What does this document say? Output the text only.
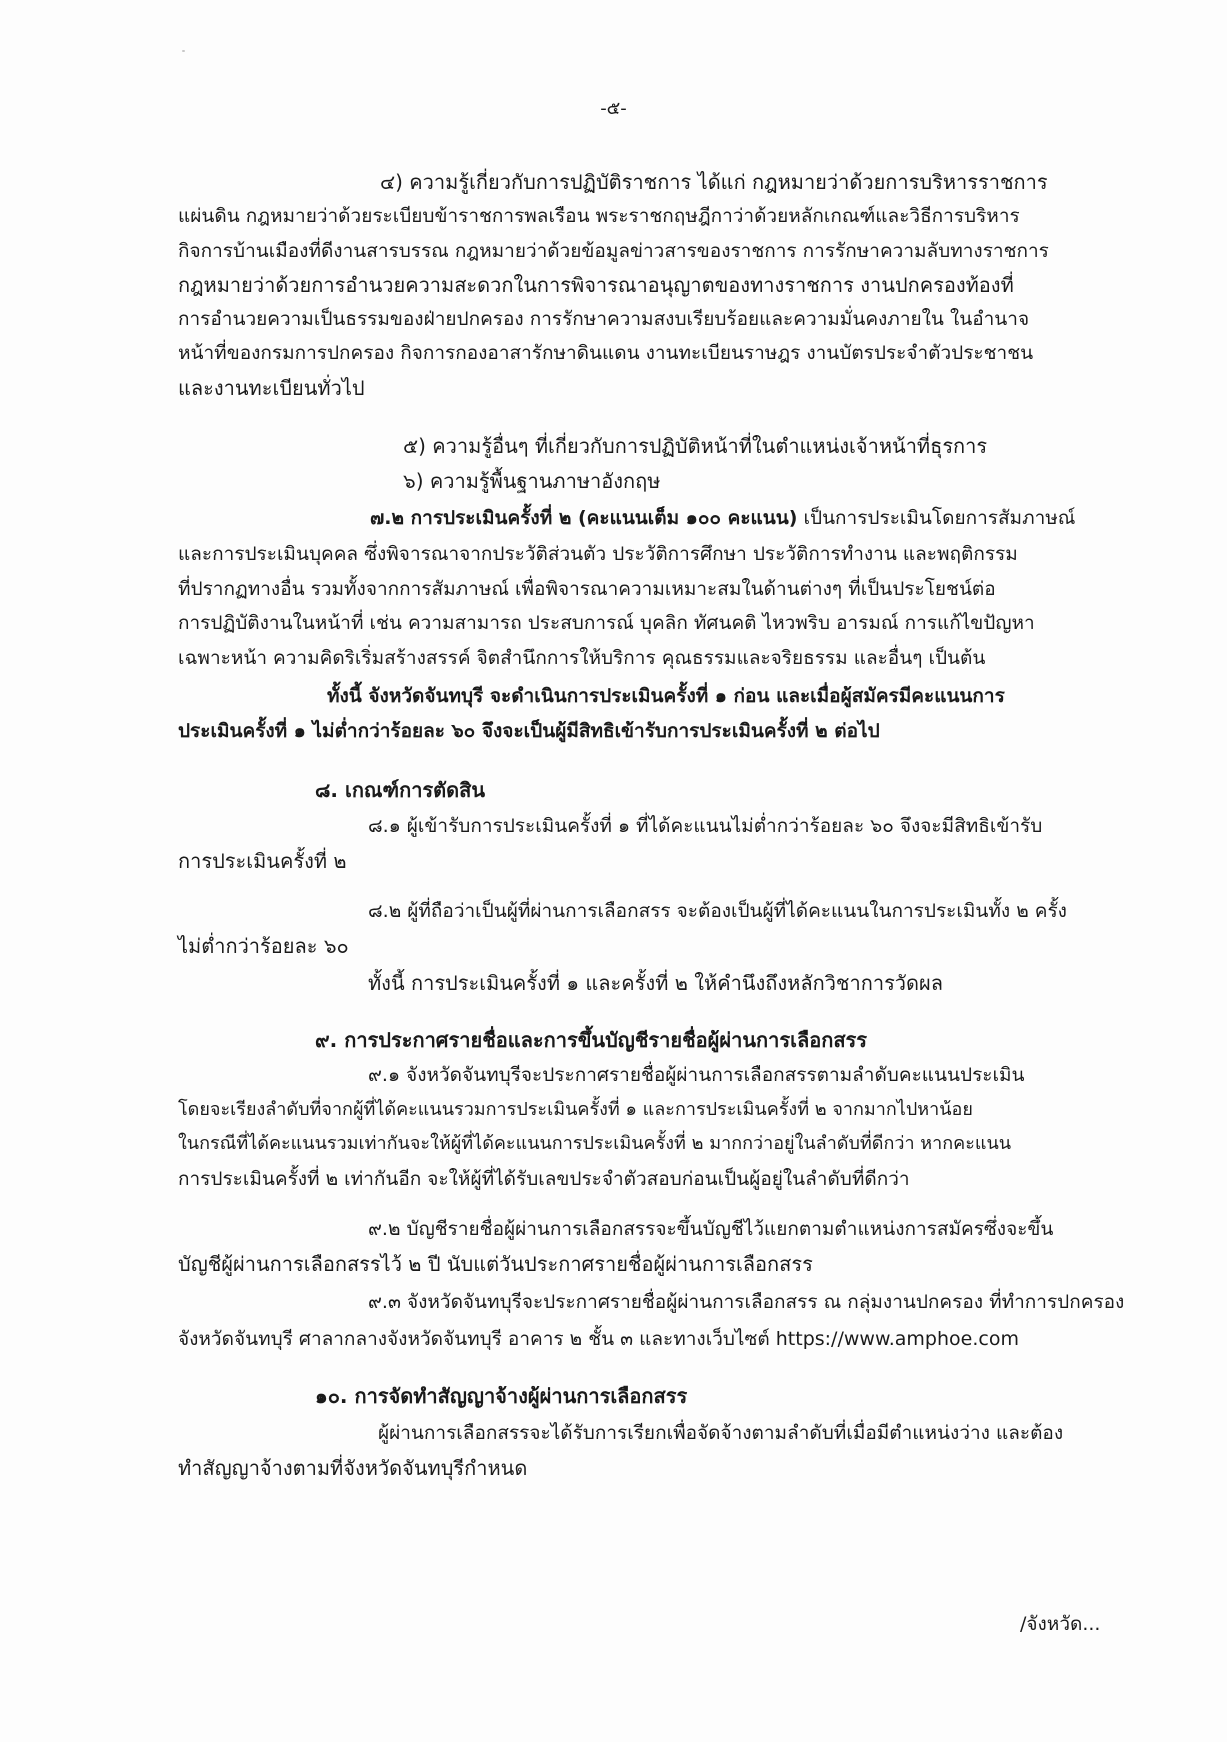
-๕-
๔) ความรู้เกี่ยวกับการปฏิบัติราชการ ได้แก่ กฎหมายว่าด้วยการบริหารราชการ
แผ่นดิน กฎหมายว่าด้วยระเบียบข้าราชการพลเรือน พระราชกฤษฎีกาว่าด้วยหลักเกณฑ์และวิธีการบริหาร
กิจการบ้านเมืองที่ดีงานสารบรรณ กฎหมายว่าด้วยข้อมูลข่าวสารของราชการ การรักษาความลับทางราชการ
กฎหมายว่าด้วยการอำนวยความสะดวกในการพิจารณาอนุญาตของทางราชการ งานปกครองท้องที่
การอำนวยความเป็นธรรมของฝ่ายปกครอง การรักษาความสงบเรียบร้อยและความมั่นคงภายใน ในอำนาจ
หน้าที่ของกรมการปกครอง กิจการกองอาสารักษาดินแดน งานทะเบียนราษฎร งานบัตรประจำตัวประชาชน
และงานทะเบียนทั่วไป
๕) ความรู้อื่นๆ ที่เกี่ยวกับการปฏิบัติหน้าที่ในตำแหน่งเจ้าหน้าที่ธุรการ
๖) ความรู้พื้นฐานภาษาอังกฤษ
๗.๒ การประเมินครั้งที่ ๒ (คะแนนเต็ม ๑๐๐ คะแนน) เป็นการประเมินโดยการสัมภาษณ์
และการประเมินบุคคล ซึ่งพิจารณาจากประวัติส่วนตัว ประวัติการศึกษา ประวัติการทำงาน และพฤติกรรม
ที่ปรากฏทางอื่น รวมทั้งจากการสัมภาษณ์ เพื่อพิจารณาความเหมาะสมในด้านต่างๆ ที่เป็นประโยชน์ต่อ
การปฏิบัติงานในหน้าที่ เช่น ความสามารถ ประสบการณ์ บุคลิก ทัศนคติ ไหวพริบ อารมณ์ การแก้ไขปัญหา
เฉพาะหน้า ความคิดริเริ่มสร้างสรรค์ จิตสำนึกการให้บริการ คุณธรรมและจริยธรรม และอื่นๆ เป็นต้น
ทั้งนี้ จังหวัดจันทบุรี จะดำเนินการประเมินครั้งที่ ๑ ก่อน และเมื่อผู้สมัครมีคะแนนการ
ประเมินครั้งที่ ๑ ไม่ต่ำกว่าร้อยละ ๖๐ จึงจะเป็นผู้มีสิทธิเข้ารับการประเมินครั้งที่ ๒ ต่อไป
๘. เกณฑ์การตัดสิน
๘.๑ ผู้เข้ารับการประเมินครั้งที่ ๑ ที่ได้คะแนนไม่ต่ำกว่าร้อยละ ๖๐ จึงจะมีสิทธิเข้ารับ
การประเมินครั้งที่ ๒
๘.๒ ผู้ที่ถือว่าเป็นผู้ที่ผ่านการเลือกสรร จะต้องเป็นผู้ที่ได้คะแนนในการประเมินทั้ง ๒ ครั้ง
ไม่ต่ำกว่าร้อยละ ๖๐
ทั้งนี้ การประเมินครั้งที่ ๑ และครั้งที่ ๒ ให้คำนึงถึงหลักวิชาการวัดผล
๙. การประกาศรายชื่อและการขึ้นบัญชีรายชื่อผู้ผ่านการเลือกสรร
๙.๑ จังหวัดจันทบุรีจะประกาศรายชื่อผู้ผ่านการเลือกสรรตามลำดับคะแนนประเมิน
โดยจะเรียงลำดับที่จากผู้ที่ได้คะแนนรวมการประเมินครั้งที่ ๑ และการประเมินครั้งที่ ๒ จากมากไปหาน้อย
ในกรณีที่ได้คะแนนรวมเท่ากันจะให้ผู้ที่ได้คะแนนการประเมินครั้งที่ ๒ มากกว่าอยู่ในลำดับที่ดีกว่า หากคะแนน
การประเมินครั้งที่ ๒ เท่ากันอีก จะให้ผู้ที่ได้รับเลขประจำตัวสอบก่อนเป็นผู้อยู่ในลำดับที่ดีกว่า
๙.๒ บัญชีรายชื่อผู้ผ่านการเลือกสรรจะขึ้นบัญชีไว้แยกตามตำแหน่งการสมัครซึ่งจะขึ้น
บัญชีผู้ผ่านการเลือกสรรไว้ ๒ ปี นับแต่วันประกาศรายชื่อผู้ผ่านการเลือกสรร
๙.๓ จังหวัดจันทบุรีจะประกาศรายชื่อผู้ผ่านการเลือกสรร ณ กลุ่มงานปกครอง ที่ทำการปกครอง
จังหวัดจันทบุรี ศาลากลางจังหวัดจันทบุรี อาคาร ๒ ชั้น ๓ และทางเว็บไซต์ https://www.amphoe.com
๑๐. การจัดทำสัญญาจ้างผู้ผ่านการเลือกสรร
ผู้ผ่านการเลือกสรรจะได้รับการเรียกเพื่อจัดจ้างตามลำดับที่เมื่อมีตำแหน่งว่าง และต้อง
ทำสัญญาจ้างตามที่จังหวัดจันทบุรีกำหนด
/จังหวัด...
